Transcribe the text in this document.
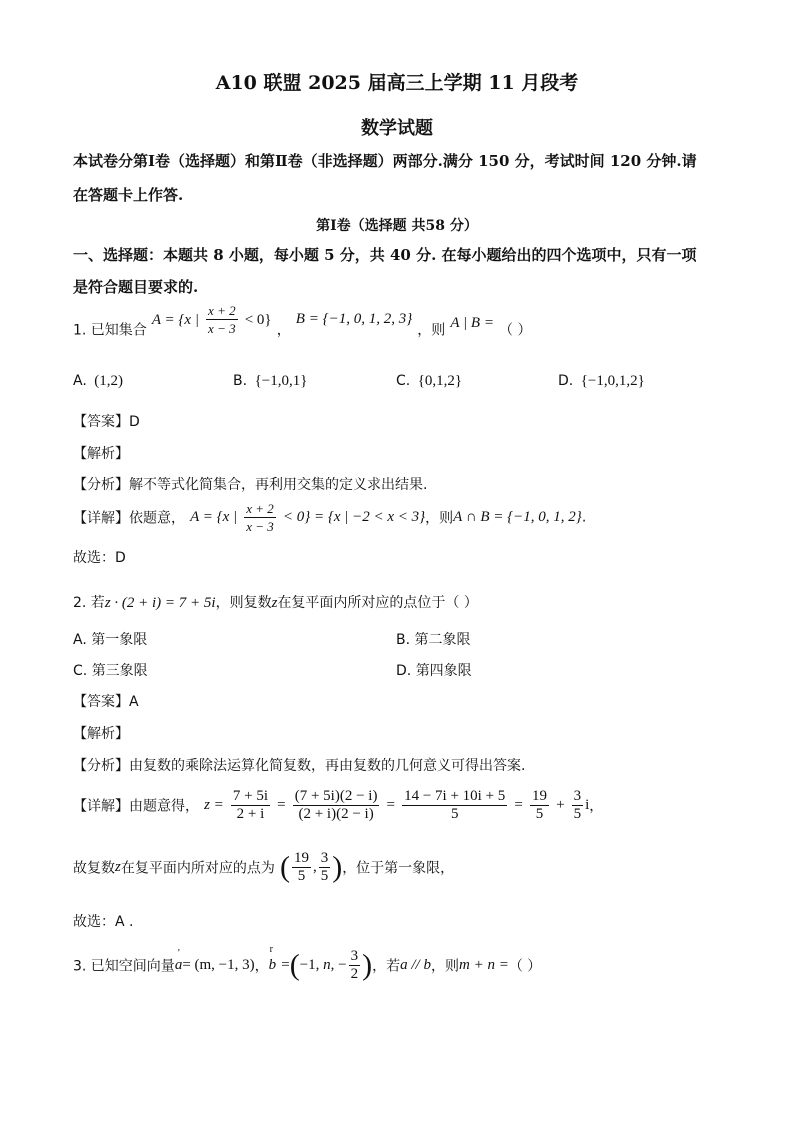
A10 联盟 2025 届高三上学期 11 月段考
数学试题
本试卷分第Ⅰ卷（选择题）和第Ⅱ卷（非选择题）两部分.满分 150 分，考试时间 120 分钟.请
在答题卡上作答.
第Ⅰ卷（选择题 共58 分）
一、选择题：本题共 8 小题，每小题 5 分，共 40 分. 在每小题给出的四个选项中，只有一项
是符合题目要求的.
1. 已知集合 A = {x | $\frac{x + 2}{x - 3} < 0$} ， B = {−1, 0, 1, 2, 3} ，则 A | B = （ ）
A. (1,2)	B. {−1,0,1}	C. {0,1,2}	D. {−1,0,1,2}
【答案】D
【解析】
【分析】解不等式化简集合，再利用交集的定义求出结果.
【详解】依题意， A = {x | $\frac{x + 2}{x - 3} < 0\} = \{x$ | −2 < x < 3}，则A ∩ B = {−1, 0, 1, 2}.
故选：D
2. 若z · (2 + i) = 7 + 5i，则复数z在复平面内所对应的点位于（ ）
A. 第一象限	B. 第二象限
C. 第三象限	D. 第四象限
【答案】A
【解析】
【分析】由复数的乘除法运算化简复数，再由复数的几何意义可得出答案.
【详解】由题意得， $z = \frac{7 + 5i}{2 + i} = \frac{(7 + 5i)(2 - i)}{(2 + i)(2 - i)} = \frac{14 - 7i + 10i + 5}{5} = \frac{19}{5} + \frac{3}{5}$ i，
故复数z在复平面内所对应的点为 ( $\frac{19}{5}$ , $\frac{3}{5}$ )，位于第一象限，
故选：A .
3. 已知空间向量' a= (m, −1, 3)，r b =(−1, n, − $\frac{3}{2}$ )，若a // b，则m + n =（ ）
